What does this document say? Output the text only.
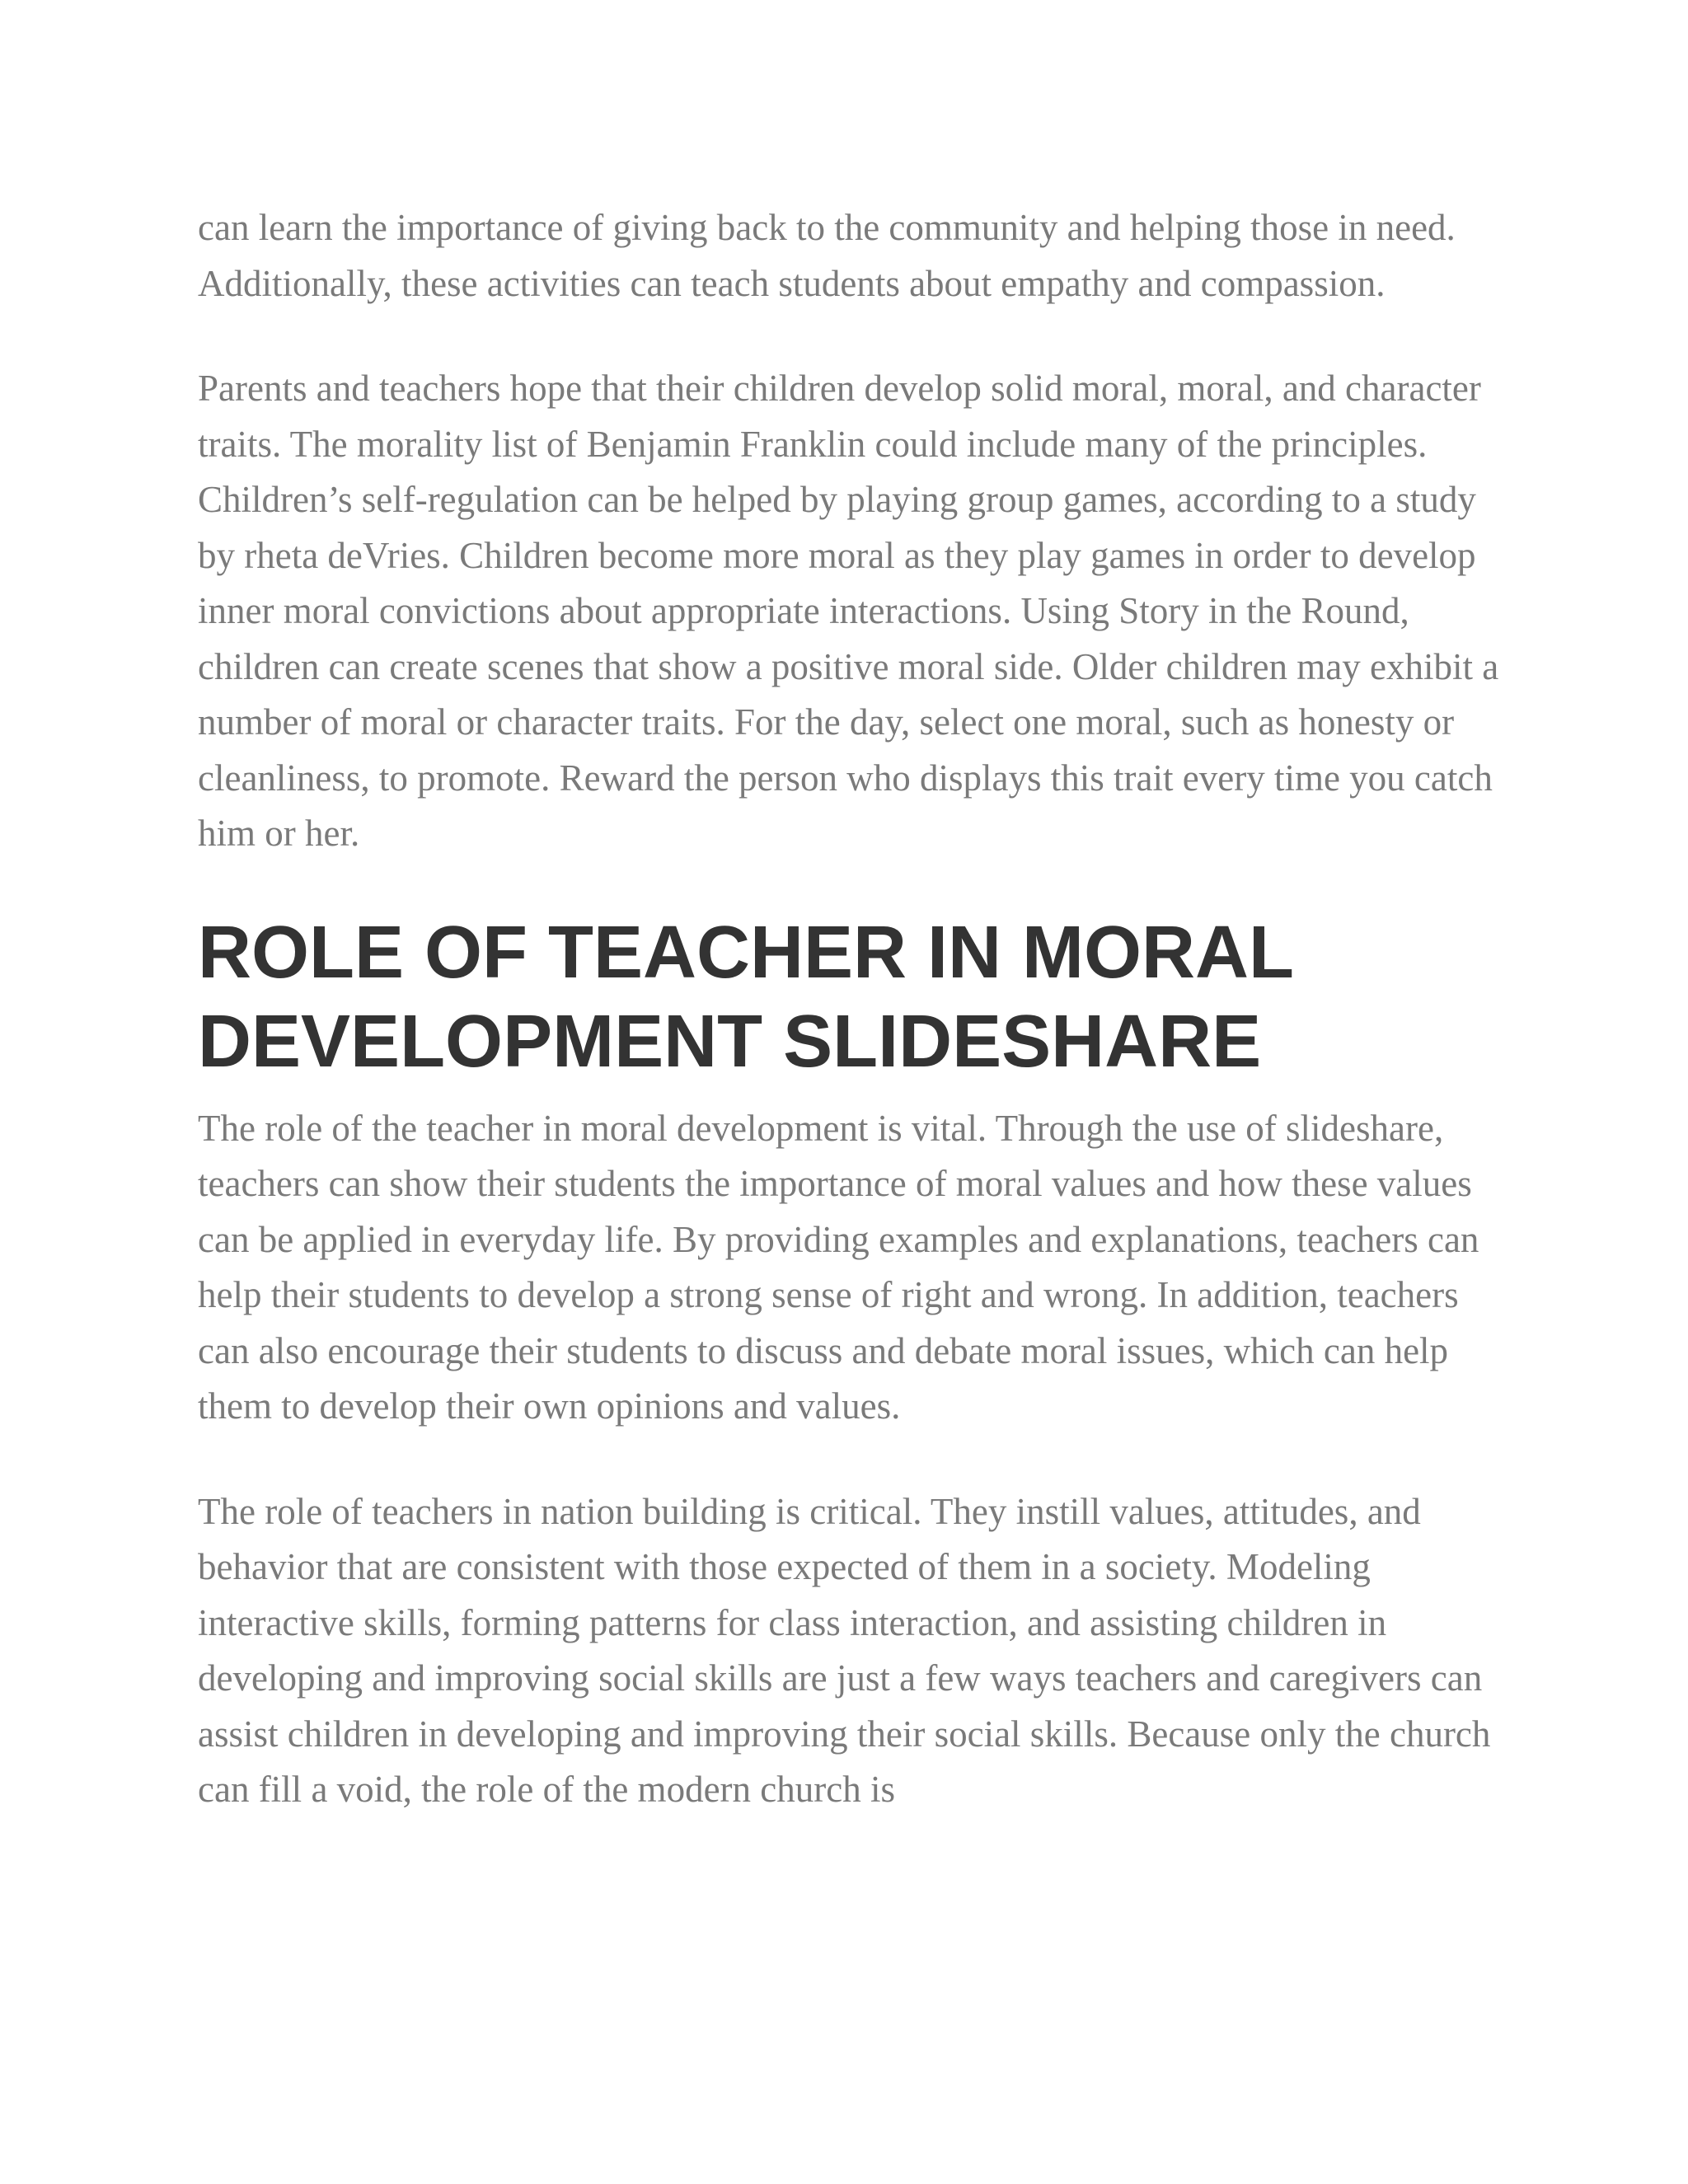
can learn the importance of giving back to the community and helping those in need. Additionally, these activities can teach students about empathy and compassion.

Parents and teachers hope that their children develop solid moral, moral, and character traits. The morality list of Benjamin Franklin could include many of the principles. Children’s self-regulation can be helped by playing group games, according to a study by rheta deVries. Children become more moral as they play games in order to develop inner moral convictions about appropriate interactions. Using Story in the Round, children can create scenes that show a positive moral side. Older children may exhibit a number of moral or character traits. For the day, select one moral, such as honesty or cleanliness, to promote. Reward the person who displays this trait every time you catch him or her.

ROLE OF TEACHER IN MORAL DEVELOPMENT SLIDESHARE

The role of the teacher in moral development is vital. Through the use of slideshare, teachers can show their students the importance of moral values and how these values can be applied in everyday life. By providing examples and explanations, teachers can help their students to develop a strong sense of right and wrong. In addition, teachers can also encourage their students to discuss and debate moral issues, which can help them to develop their own opinions and values.

The role of teachers in nation building is critical. They instill values, attitudes, and behavior that are consistent with those expected of them in a society. Modeling interactive skills, forming patterns for class interaction, and assisting children in developing and improving social skills are just a few ways teachers and caregivers can assist children in developing and improving their social skills. Because only the church can fill a void, the role of the modern church is
